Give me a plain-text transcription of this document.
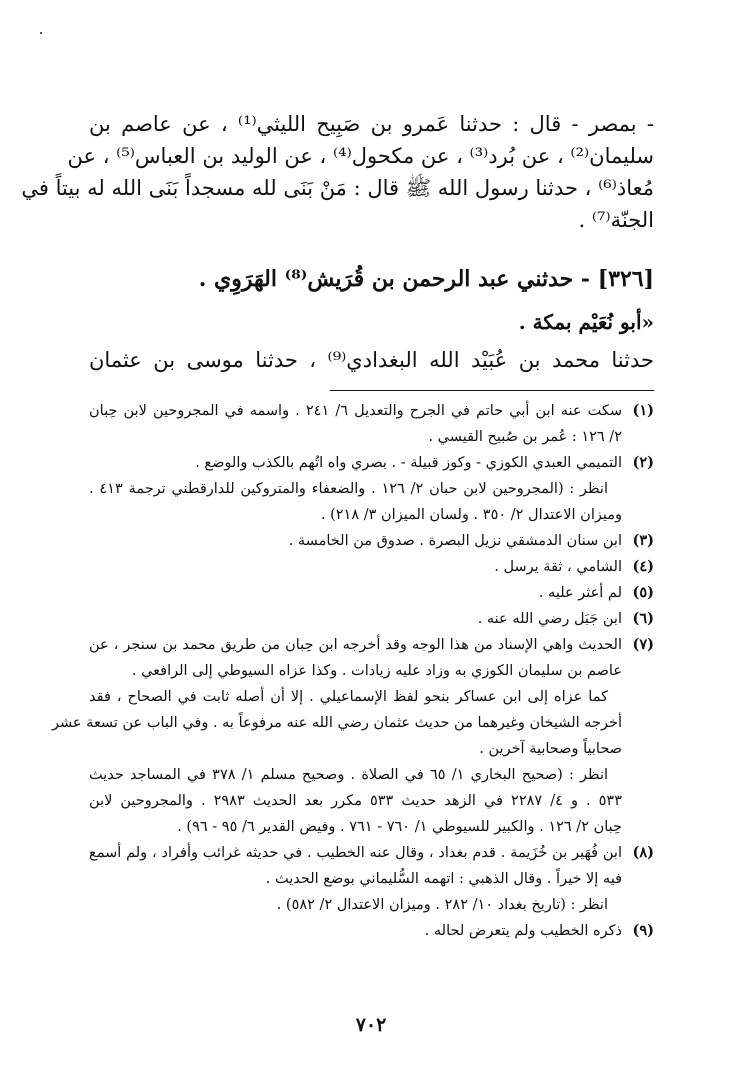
- بمصر - قال : حدثنا عَمرو بن صَبِيح الليثي⁽¹⁾ ، عن عاصم بن
سليمان⁽²⁾ ، عن بُرد⁽³⁾ ، عن مكحول⁽⁴⁾ ، عن الوليد بن العباس⁽⁵⁾ ، عن
مُعاذ⁽⁶⁾ ، حدثنا رسول الله ﷺ قال : مَنْ بَنَى لله مسجداً بَنَى الله له بيتاً في
الجنّة⁽⁷⁾ .
[٣٢٦] - حدثني عبد الرحمن بن قُرَيش⁽⁸⁾ الهَرَوِي .
«أبو نُعَيْم بمكة .
حدثنا محمد بن عُبَيْد الله البغدادي⁽⁹⁾ ، حدثنا موسى بن عثمان
(١)
سكت عنه ابن أبي حاتم في الجرح والتعديل ٦/ ٢٤١ . واسمه في المجروحين لابن حِبان
٢/ ١٢٦ : عُمر بن صُبيح القيسي .
(٢)
التميمي العبدي الكوزي - وكوز قبيلة - . بصري واه اتُهم بالكذب والوضع .
انظر : (المجروحين لابن حبان ٢/ ١٢٦ . والضعفاء والمتروكين للدارقطني ترجمة ٤١٣ .
وميزان الاعتدال ٢/ ٣٥٠ . ولسان الميزان ٣/ ٢١٨) .
(٣)
ابن سنان الدمشقي نزيل البصرة . صدوق من الخامسة .
(٤)
الشامي ، ثقة يرسل .
(٥)
لم أعثر عليه .
(٦)
ابن جَبَل رضي الله عنه .
(٧)
الحديث واهي الإسناد من هذا الوجه وقد أخرجه ابن حِبان من طريق محمد بن سنجر ، عن
عاصم بن سليمان الكوزي به وزاد عليه زيادات . وكذا عزاه السيوطي إلى الرافعي .
كما عزاه إلى ابن عساكر بنحو لفظ الإسماعيلي . إلا أن أصله ثابت في الصحاح ، فقد
أخرجه الشيخان وغيرهما من حديث عثمان رضي الله عنه مرفوعاً به . وفي الباب عن تسعة عشر
صحابياً وصحابية آخرين .
انظر : (صحيح البخاري ١/ ٦٥ في الصلاة . وصحيح مسلم ١/ ٣٧٨ في المساجد حديث
٥٣٣ . و ٤/ ٢٢٨٧ في الزهد حديث ٥٣٣ مكرر بعد الحديث ٢٩٨٣ . والمجروحين لابن
حِبان ٢/ ١٢٦ . والكبير للسيوطي ١/ ٧٦٠ - ٧٦١ . وفيض القدير ٦/ ٩٥ - ٩٦) .
(٨)
ابن فُهَير بن خُزَيمة . قدم بغداد ، وقال عنه الخطيب . في حديثه غرائب وأفراد ، ولم أسمع
فيه إلا خيراً . وقال الذهبي : اتهمه السُّليماني بوضع الحديث .
انظر : (تاريخ بغداد ١٠/ ٢٨٢ . وميزان الاعتدال ٢/ ٥٨٢) .
(٩)
ذكره الخطيب ولم يتعرض لحاله .
٧٠٢
